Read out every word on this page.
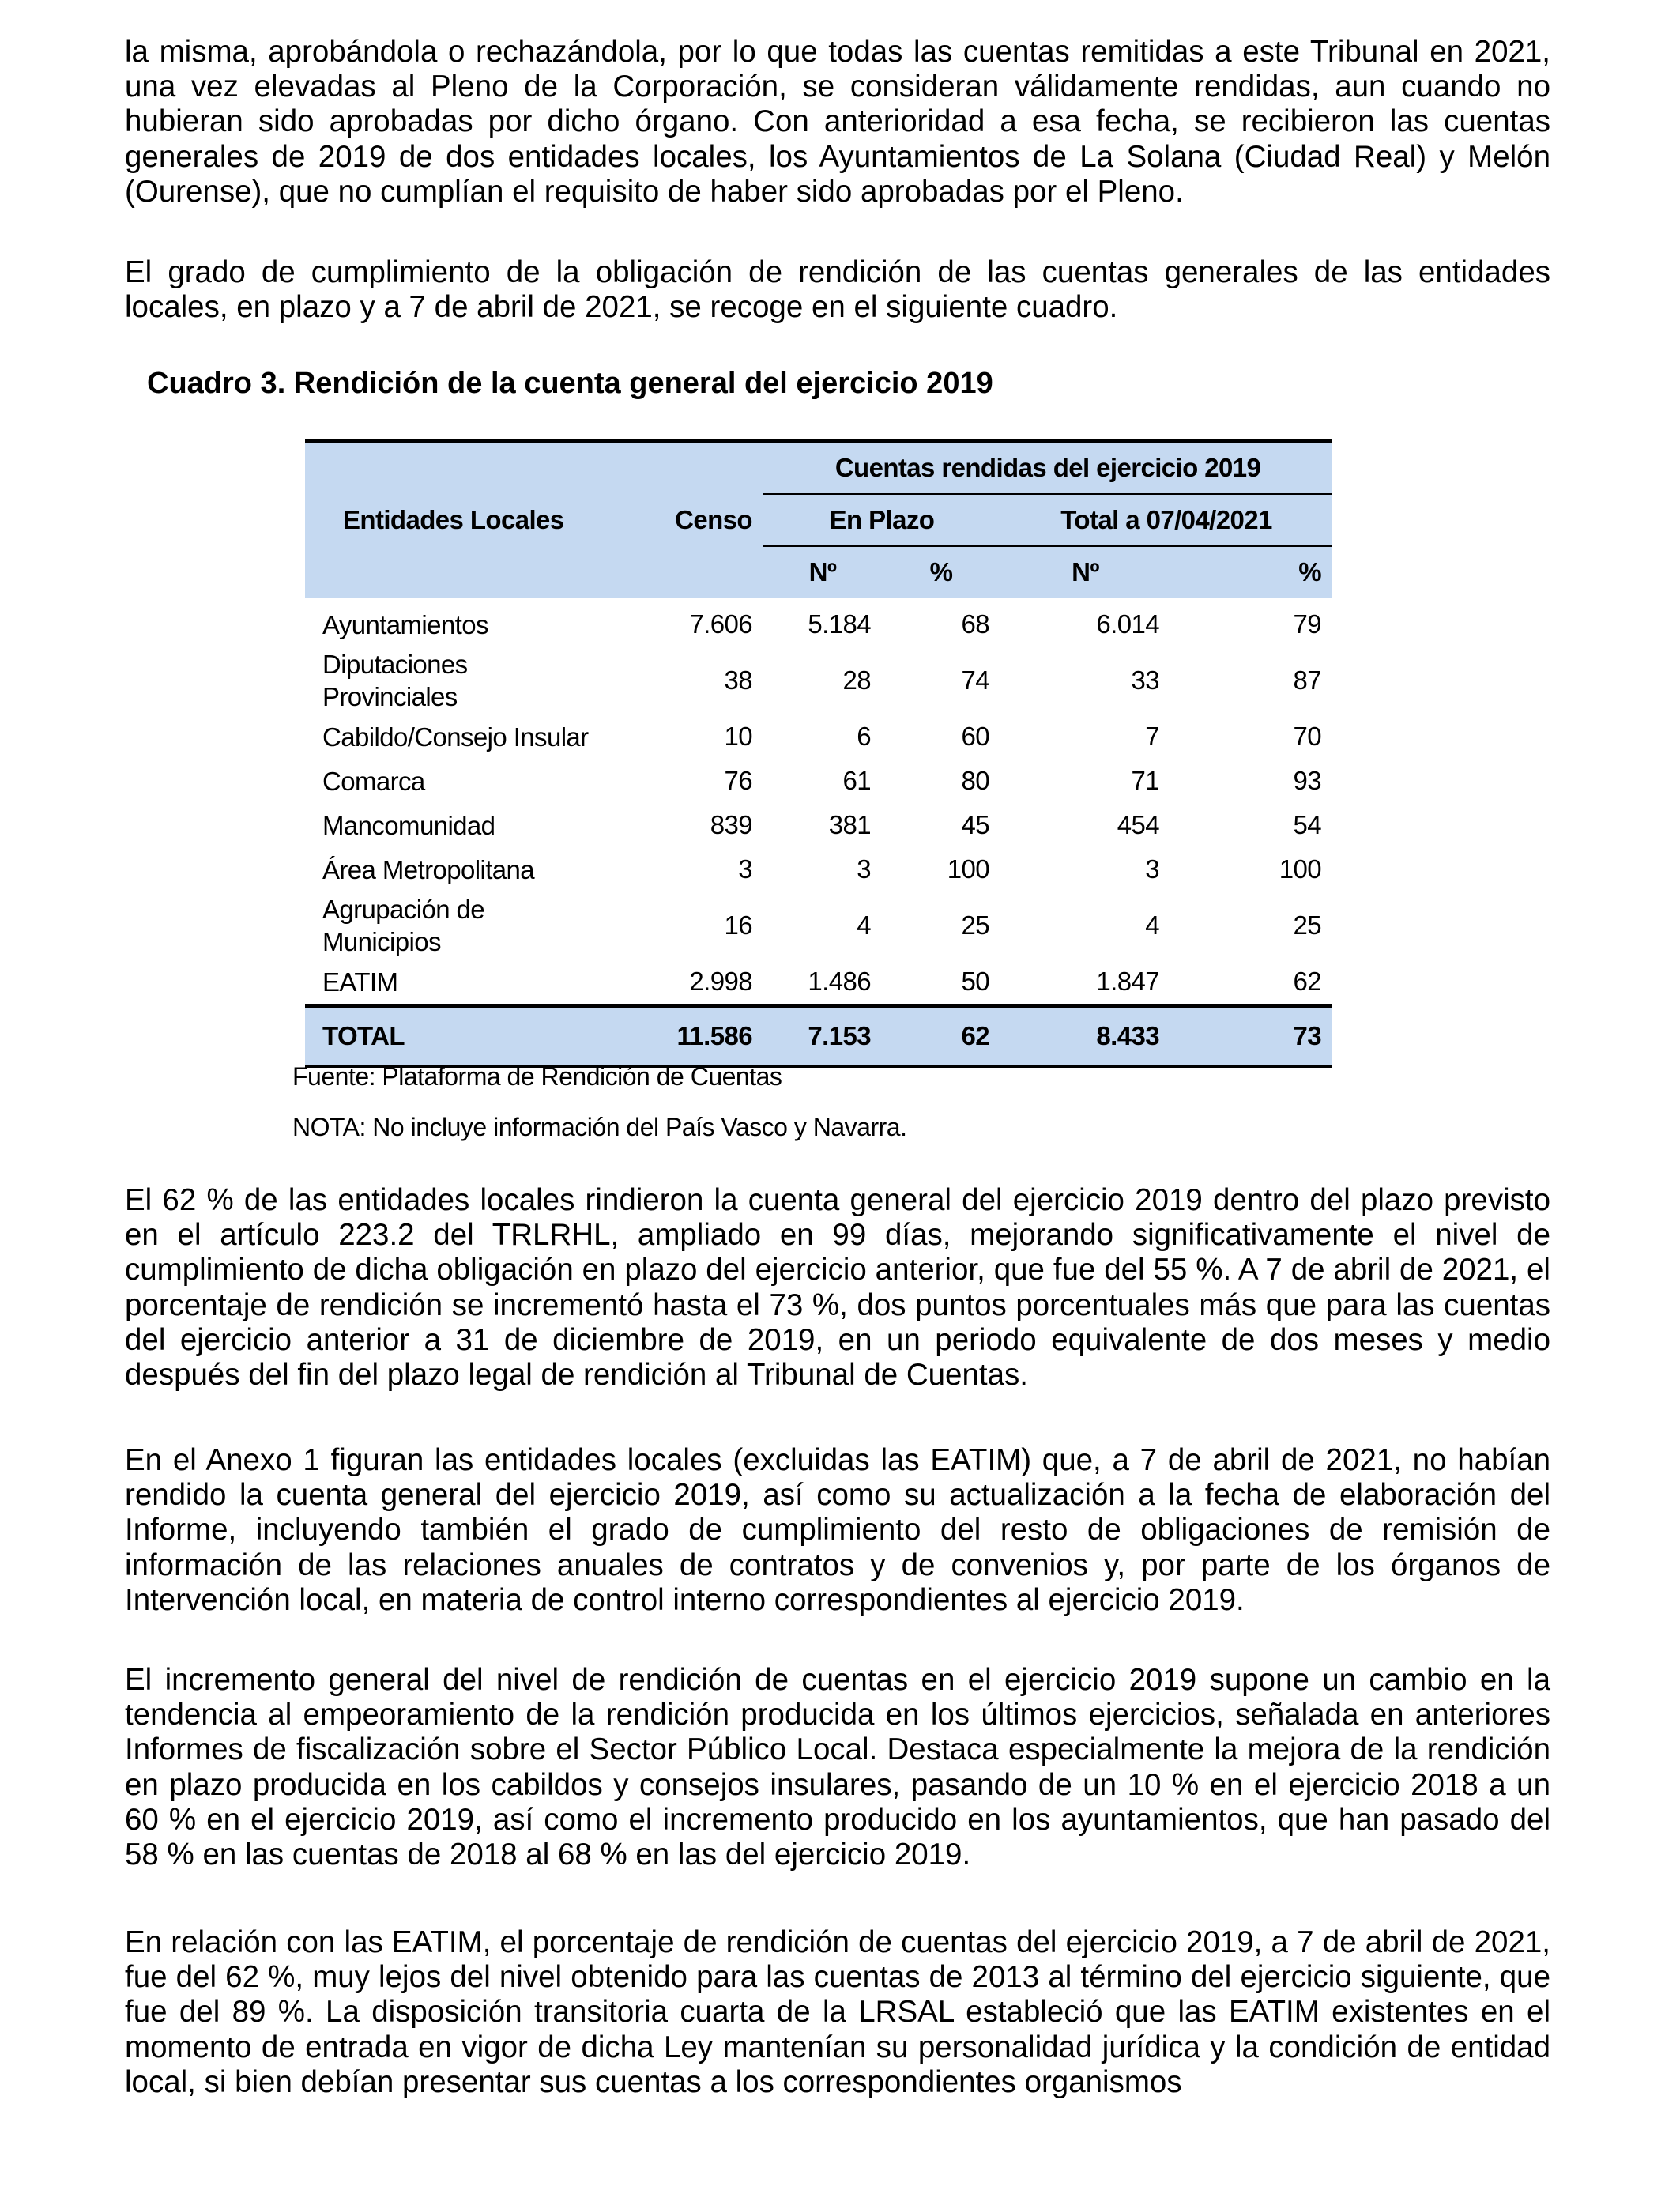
la misma, aprobándola o rechazándola, por lo que todas las cuentas remitidas a este Tribunal en 2021, una vez elevadas al Pleno de la Corporación, se consideran válidamente rendidas, aun cuando no hubieran sido aprobadas por dicho órgano. Con anterioridad a esa fecha, se recibieron las cuentas generales de 2019 de dos entidades locales, los Ayuntamientos de La Solana (Ciudad Real) y Melón (Ourense), que no cumplían el requisito de haber sido aprobadas por el Pleno.

El grado de cumplimiento de la obligación de rendición de las cuentas generales de las entidades locales, en plazo y a 7 de abril de 2021, se recoge en el siguiente cuadro.

Cuadro 3. Rendición de la cuenta general del ejercicio 2019

Entidades Locales	Censo	Cuentas rendidas del ejercicio 2019			
		En Plazo		Total a 07/04/2021	
		Nº	%	Nº	%
Ayuntamientos	7.606	5.184	68	6.014	79
Diputaciones Provinciales	38	28	74	33	87
Cabildo/Consejo Insular	10	6	60	7	70
Comarca	76	61	80	71	93
Mancomunidad	839	381	45	454	54
Área Metropolitana	3	3	100	3	100
Agrupación de Municipios	16	4	25	4	25
EATIM	2.998	1.486	50	1.847	62
TOTAL	11.586	7.153	62	8.433	73

Fuente: Plataforma de Rendición de Cuentas

NOTA: No incluye información del País Vasco y Navarra.

El 62 % de las entidades locales rindieron la cuenta general del ejercicio 2019 dentro del plazo previsto en el artículo 223.2 del TRLRHL, ampliado en 99 días, mejorando significativamente el nivel de cumplimiento de dicha obligación en plazo del ejercicio anterior, que fue del 55 %. A 7 de abril de 2021, el porcentaje de rendición se incrementó hasta el 73 %, dos puntos porcentuales más que para las cuentas del ejercicio anterior a 31 de diciembre de 2019, en un periodo equivalente de dos meses y medio después del fin del plazo legal de rendición al Tribunal de Cuentas.

En el Anexo 1 figuran las entidades locales (excluidas las EATIM) que, a 7 de abril de 2021, no habían rendido la cuenta general del ejercicio 2019, así como su actualización a la fecha de elaboración del Informe, incluyendo también el grado de cumplimiento del resto de obligaciones de remisión de información de las relaciones anuales de contratos y de convenios y, por parte de los órganos de Intervención local, en materia de control interno correspondientes al ejercicio 2019.

El incremento general del nivel de rendición de cuentas en el ejercicio 2019 supone un cambio en la tendencia al empeoramiento de la rendición producida en los últimos ejercicios, señalada en anteriores Informes de fiscalización sobre el Sector Público Local. Destaca especialmente la mejora de la rendición en plazo producida en los cabildos y consejos insulares, pasando de un 10 % en el ejercicio 2018 a un 60 % en el ejercicio 2019, así como el incremento producido en los ayuntamientos, que han pasado del 58 % en las cuentas de 2018 al 68 % en las del ejercicio 2019.

En relación con las EATIM, el porcentaje de rendición de cuentas del ejercicio 2019, a 7 de abril de 2021, fue del 62 %, muy lejos del nivel obtenido para las cuentas de 2013 al término del ejercicio siguiente, que fue del 89 %. La disposición transitoria cuarta de la LRSAL estableció que las EATIM existentes en el momento de entrada en vigor de dicha Ley mantenían su personalidad jurídica y la condición de entidad local, si bien debían presentar sus cuentas a los correspondientes organismos
